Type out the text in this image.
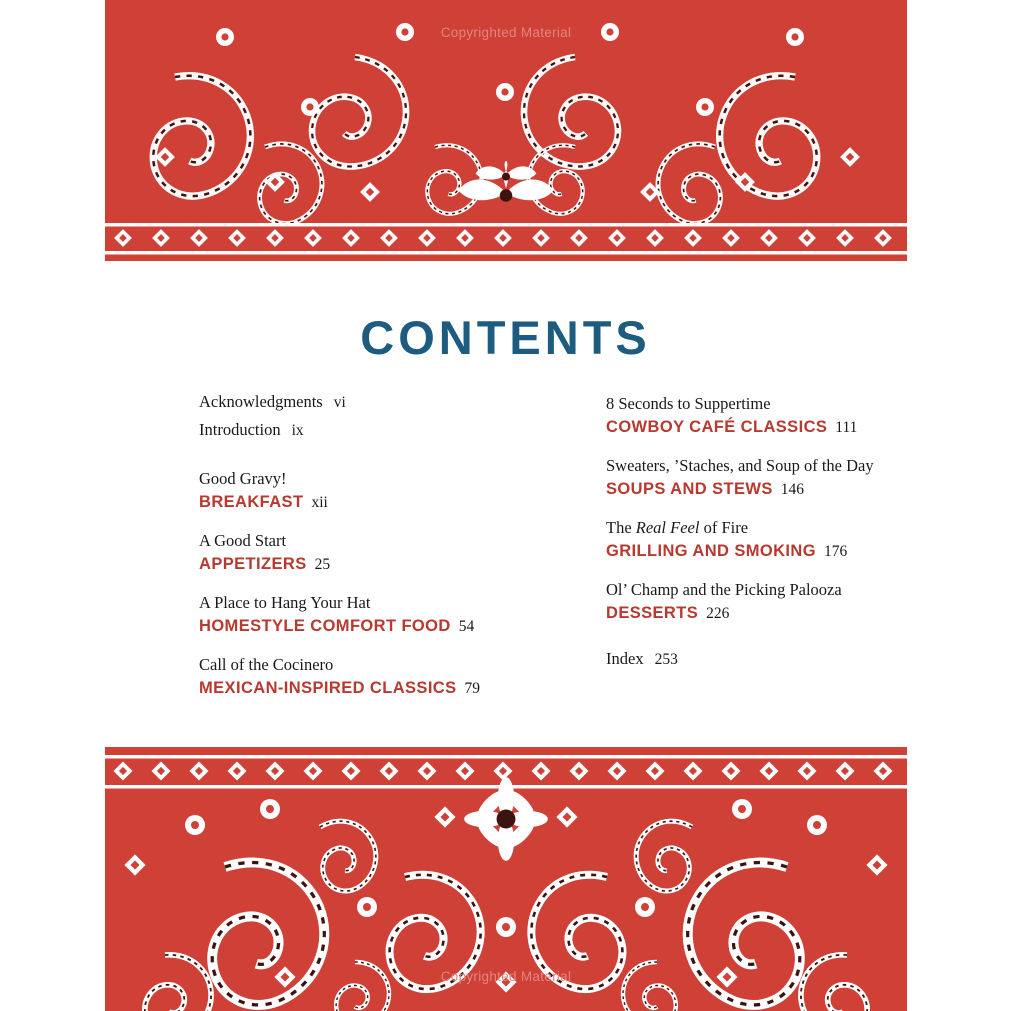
Copyrighted Material
CONTENTS
Acknowledgments vi
Introduction ix
Good Gravy!
BREAKFAST xii
A Good Start
APPETIZERS 25
A Place to Hang Your Hat
HOMESTYLE COMFORT FOOD 54
Call of the Cocinero
MEXICAN-INSPIRED CLASSICS 79
8 Seconds to Suppertime
COWBOY CAFÉ CLASSICS 111
Sweaters, ’Staches, and Soup of the Day
SOUPS AND STEWS 146
The Real Feel of Fire
GRILLING AND SMOKING 176
Ol’ Champ and the Picking Palooza
DESSERTS 226
Index 253
Copyrighted Material
